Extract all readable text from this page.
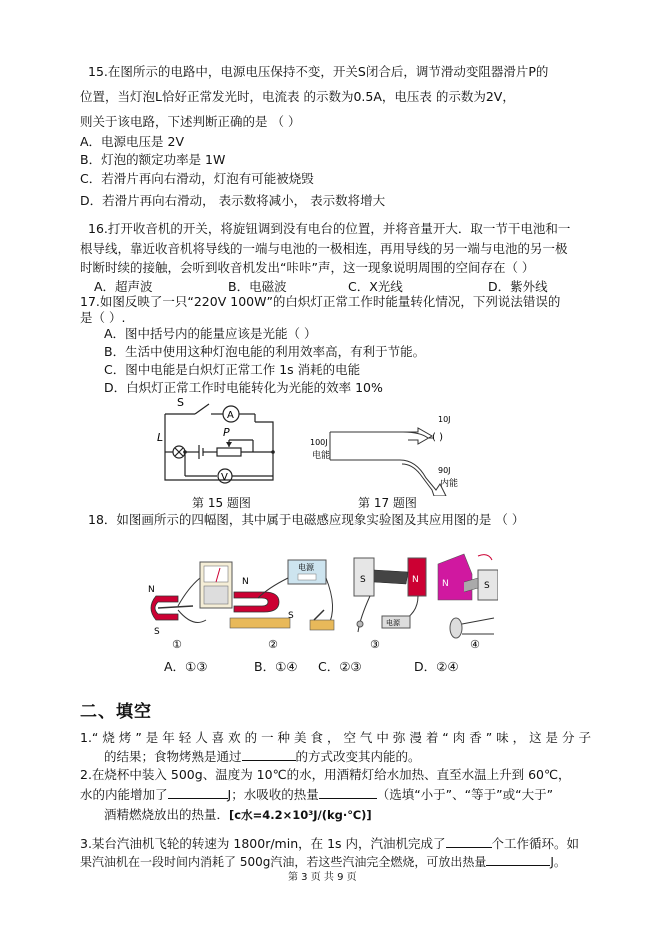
15.在图所示的电路中，电源电压保持不变，开关S闭合后，调节滑动变阻器滑片P的
位置，当灯泡L恰好正常发光时，电流表 的示数为0.5A，电压表 的示数为2V，
则关于该电路，下述判断正确的是 （ ）
A．电源电压是 2V
B．灯泡的额定功率是 1W
C．若滑片再向右滑动，灯泡有可能被烧毁
D．若滑片再向右滑动， 表示数将减小， 表示数将增大
16.打开收音机的开关，将旋钮调到没有电台的位置，并将音量开大．取一节干电池和一
根导线，靠近收音机将导线的一端与电池的一极相连，再用导线的另一端与电池的另一极
时断时续的接触，会听到收音机发出“咔咔”声，这一现象说明周围的空间存在（ ）
A．超声波	B．电磁波	C．X光线	D．紫外线
17.如图反映了一只“220V 100W”的白炽灯正常工作时能量转化情况，下列说法错误的
是（ ）.
A．图中括号内的能量应该是光能（ ）
B．生活中使用这种灯泡电能的利用效率高，有利于节能。
C．图中电能是白炽灯正常工作 1s 消耗的电能
D．白炽灯正常工作时电能转化为光能的效率 10%
S
A
L	P
V
第 15 题图
100J
电能
10J
( )
90J
内能
第 17 题图
18．如图画所示的四幅图，其中属于电磁感应现象实验图及其应用图的是 （ ）
N
S
N
S
电源
S	N
电源
N	S
①	②	③	④
A．①③	B．①④ C．②③	D．②④
二、填空
1.“ 烧 烤 ” 是 年 轻 人 喜 欢 的 一 种 美 食 ， 空 气 中 弥 漫 着 “ 肉 香 ” 味 ， 这 是 分 子
的结果；食物烤熟是通过	的方式改变其内能的。
2.在烧杯中装入 500g、温度为 10℃的水，用酒精灯给水加热、直至水温上升到 60℃，
水的内能增加了	J；水吸收的热量	（选填“小于”、“等于”或“大于”
酒精燃烧放出的热量．[c水=4.2×10³J/(kg·℃)]
3.某台汽油机飞轮的转速为 1800r/min，在 1s 内，汽油机完成了	个工作循环。如
果汽油机在一段时间内消耗了 500g汽油，若这些汽油完全燃烧，可放出热量	J。
第 3 页 共 9 页
